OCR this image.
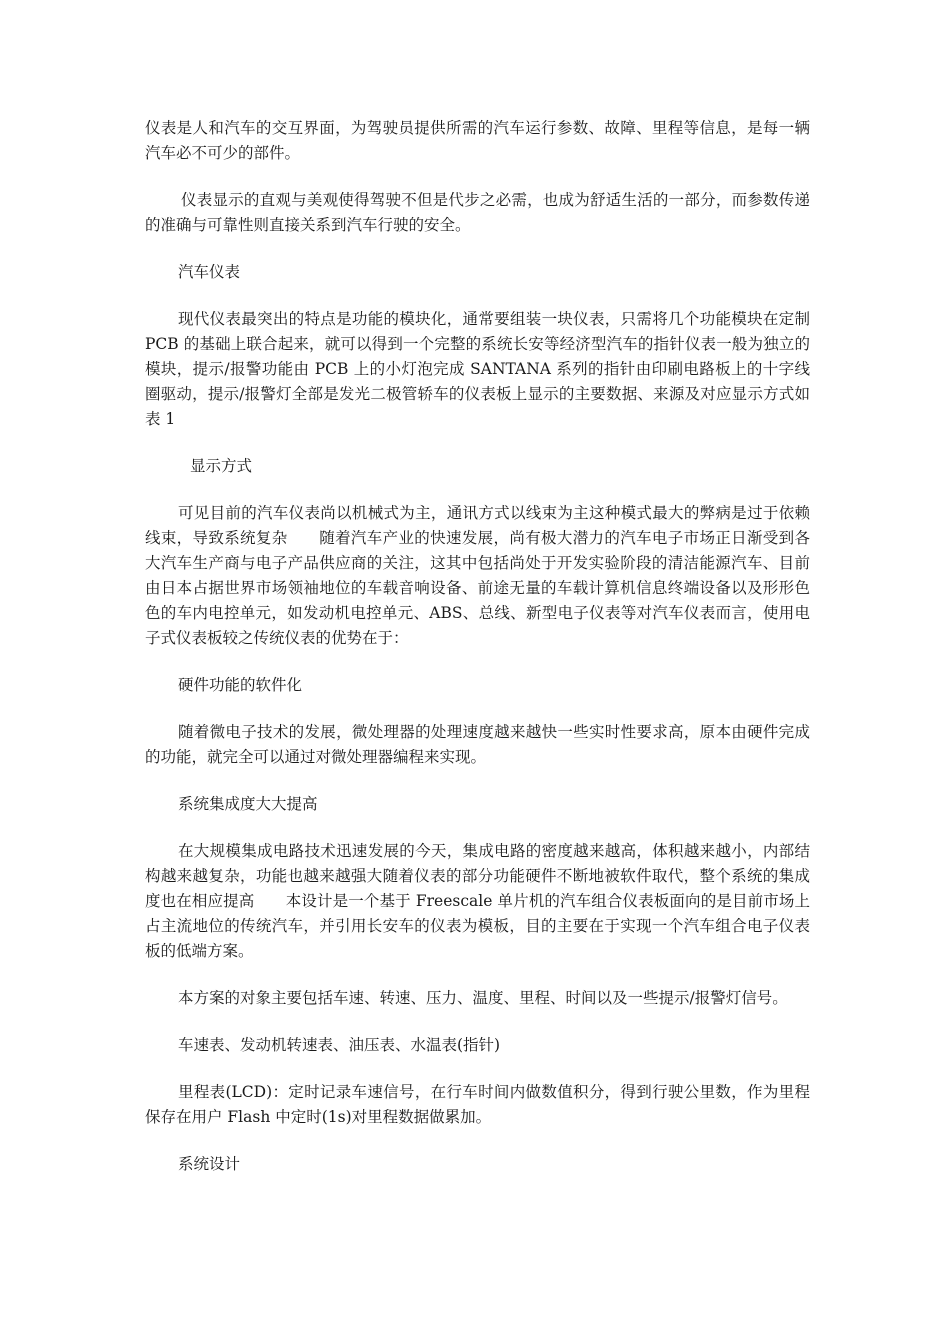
仪表是人和汽车的交互界面，为驾驶员提供所需的汽车运行参数、故障、里程等信息，是每一辆汽车必不可少的部件。

仪表显示的直观与美观使得驾驶不但是代步之必需，也成为舒适生活的一部分，而参数传递的准确与可靠性则直接关系到汽车行驶的安全。

汽车仪表

现代仪表最突出的特点是功能的模块化，通常要组装一块仪表，只需将几个功能模块在定制 PCB 的基础上联合起来，就可以得到一个完整的系统长安等经济型汽车的指针仪表一般为独立的模块，提示/报警功能由 PCB 上的小灯泡完成 SANTANA 系列的指针由印刷电路板上的十字线圈驱动，提示/报警灯全部是发光二极管轿车的仪表板上显示的主要数据、来源及对应显示方式如表 1

显示方式

可见目前的汽车仪表尚以机械式为主，通讯方式以线束为主这种模式最大的弊病是过于依赖线束，导致系统复杂　　随着汽车产业的快速发展，尚有极大潜力的汽车电子市场正日渐受到各大汽车生产商与电子产品供应商的关注，这其中包括尚处于开发实验阶段的清洁能源汽车、目前由日本占据世界市场领袖地位的车载音响设备、前途无量的车载计算机信息终端设备以及形形色色的车内电控单元，如发动机电控单元、ABS、总线、新型电子仪表等对汽车仪表而言，使用电子式仪表板较之传统仪表的优势在于：

硬件功能的软件化

随着微电子技术的发展，微处理器的处理速度越来越快一些实时性要求高，原本由硬件完成的功能，就完全可以通过对微处理器编程来实现。

系统集成度大大提高

在大规模集成电路技术迅速发展的今天，集成电路的密度越来越高，体积越来越小，内部结构越来越复杂，功能也越来越强大随着仪表的部分功能硬件不断地被软件取代，整个系统的集成度也在相应提高　　本设计是一个基于 Freescale 单片机的汽车组合仪表板面向的是目前市场上占主流地位的传统汽车，并引用长安车的仪表为模板，目的主要在于实现一个汽车组合电子仪表板的低端方案。

本方案的对象主要包括车速、转速、压力、温度、里程、时间以及一些提示/报警灯信号。

车速表、发动机转速表、油压表、水温表(指针)

里程表(LCD)：定时记录车速信号，在行车时间内做数值积分，得到行驶公里数，作为里程保存在用户 Flash 中定时(1s)对里程数据做累加。

系统设计
